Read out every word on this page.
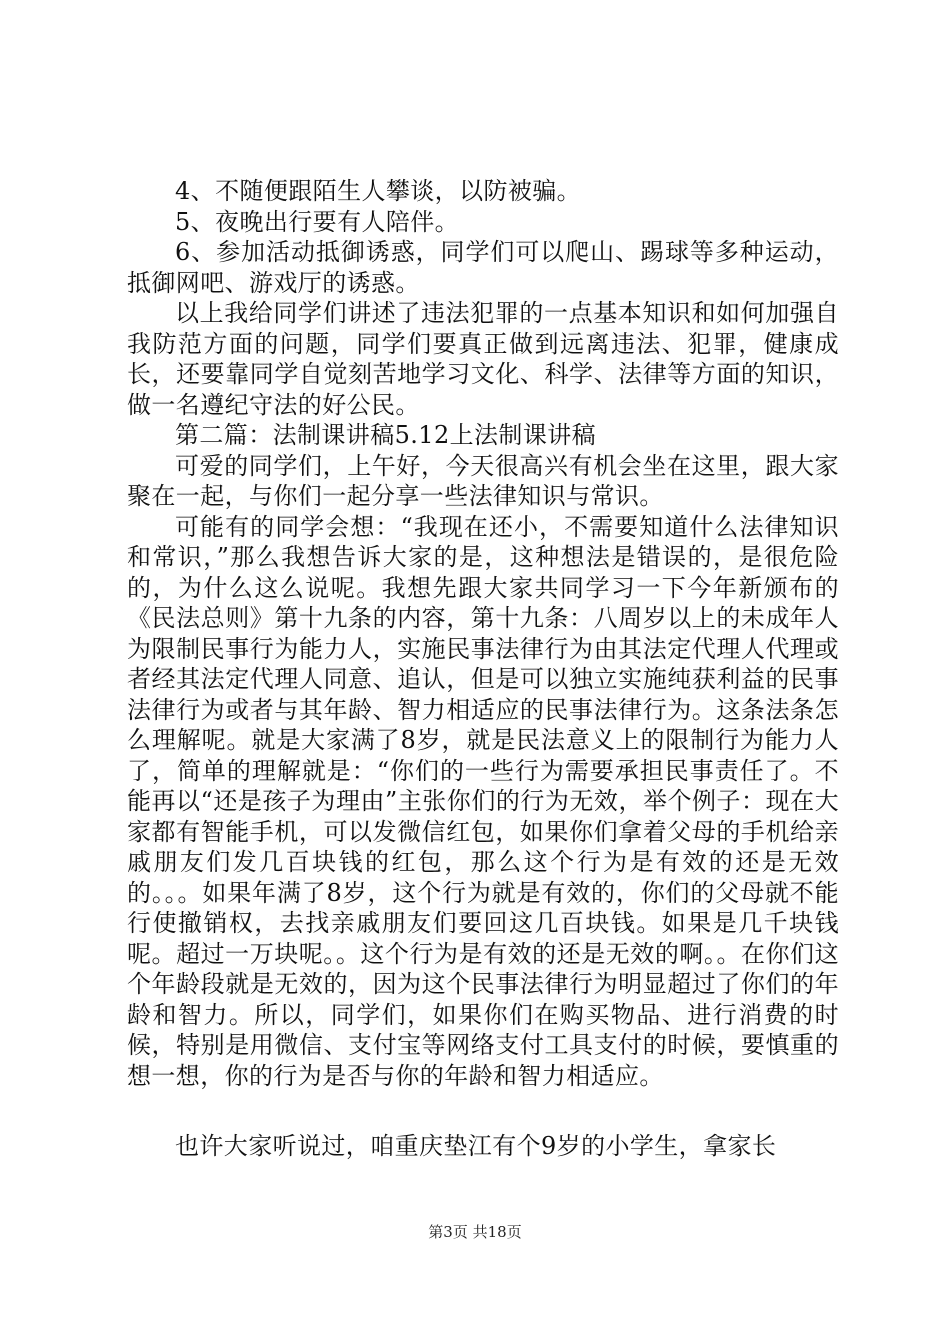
4、不随便跟陌生人攀谈，以防被骗。

5、夜晚出行要有人陪伴。

6、参加活动抵御诱惑，同学们可以爬山、踢球等多种运动，抵御网吧、游戏厅的诱惑。

以上我给同学们讲述了违法犯罪的一点基本知识和如何加强自我防范方面的问题，同学们要真正做到远离违法、犯罪，健康成长，还要靠同学自觉刻苦地学习文化、科学、法律等方面的知识，做一名遵纪守法的好公民。

第二篇：法制课讲稿5.12上法制课讲稿

可爱的同学们，上午好，今天很高兴有机会坐在这里，跟大家聚在一起，与你们一起分享一些法律知识与常识。

可能有的同学会想：“我现在还小，不需要知道什么法律知识和常识，”那么我想告诉大家的是，这种想法是错误的，是很危险的，为什么这么说呢。我想先跟大家共同学习一下今年新颁布的《民法总则》第十九条的内容，第十九条：八周岁以上的未成年人为限制民事行为能力人，实施民事法律行为由其法定代理人代理或者经其法定代理人同意、追认，但是可以独立实施纯获利益的民事法律行为或者与其年龄、智力相适应的民事法律行为。这条法条怎么理解呢。就是大家满了8岁，就是民法意义上的限制行为能力人了，简单的理解就是：“你们的一些行为需要承担民事责任了。不能再以“还是孩子为理由”主张你们的行为无效，举个例子：现在大家都有智能手机，可以发微信红包，如果你们拿着父母的手机给亲戚朋友们发几百块钱的红包，那么这个行为是有效的还是无效的。。。如果年满了8岁，这个行为就是有效的，你们的父母就不能行使撤销权，去找亲戚朋友们要回这几百块钱。如果是几千块钱呢。超过一万块呢。。这个行为是有效的还是无效的啊。。在你们这个年龄段就是无效的，因为这个民事法律行为明显超过了你们的年龄和智力。所以，同学们，如果你们在购买物品、进行消费的时候，特别是用微信、支付宝等网络支付工具支付的时候，要慎重的想一想，你的行为是否与你的年龄和智力相适应。

也许大家听说过，咱重庆垫江有个9岁的小学生，拿家长

第3页 共18页
